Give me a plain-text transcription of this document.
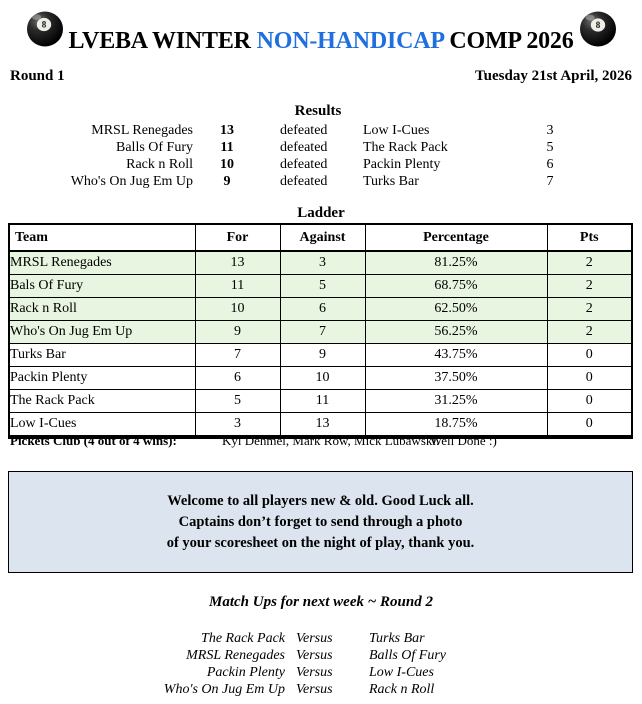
8
LVEBA WINTER NON-HANDICAP COMP 2026
8
Round 1	Tuesday 21st April, 2026
Results
MRSL Renegades	13	defeated	Low I-Cues	3
Balls Of Fury	11	defeated	The Rack Pack	5
Rack n Roll	10	defeated	Packin Plenty	6
Who's On Jug Em Up	9	defeated	Turks Bar	7
Ladder
Team	For	Against	Percentage	Pts
MRSL Renegades	13	3	81.25%	2
Bals Of Fury	11	5	68.75%	2
Rack n Roll	10	6	62.50%	2
Who's On Jug Em Up	9	7	56.25%	2
Turks Bar	7	9	43.75%	0
Packin Plenty	6	10	37.50%	0
The Rack Pack	5	11	31.25%	0
Low I-Cues	3	13	18.75%	0
Pickets Club (4 out of 4 wins):	Kyl Dehmel, Mark Row, Mick Lubawski.
Well Done :)

Welcome to all players new & old. Good Luck all.

Captains don’t forget to send through a photo

of your scoresheet on the night of play, thank you.

Match Ups for next week ~ Round 2
The Rack Pack Versus	Turks Bar
MRSL Renegades Versus	Balls Of Fury
Packin Plenty Versus	Low I-Cues
Who's On Jug Em Up Versus	Rack n Roll
